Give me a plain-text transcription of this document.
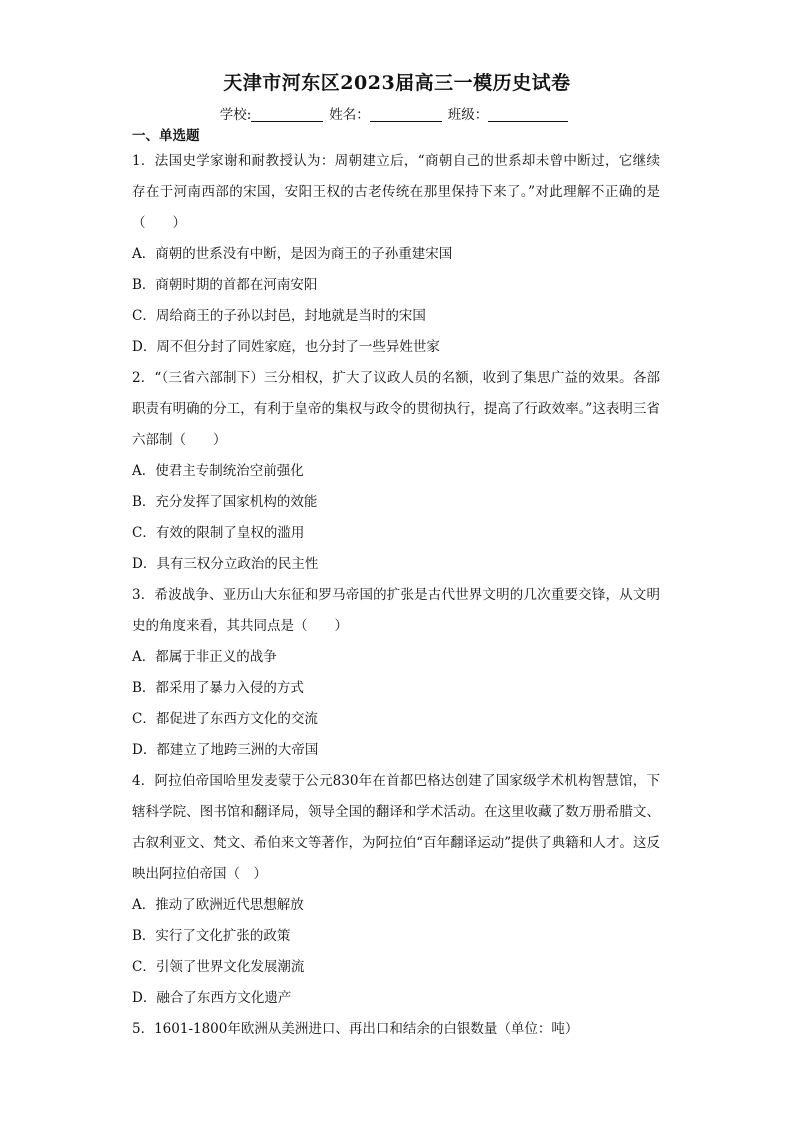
天津市河东区2023届高三一模历史试卷
学校:	姓名：	班级：
一、单选题
1．法国史学家谢和耐教授认为：周朝建立后，“商朝自己的世系却未曾中断过，它继续存在于河南西部的宋国，安阳王权的古老传统在那里保持下来了。”对此理解不正确的是（　　）
A．商朝的世系没有中断，是因为商王的子孙重建宋国
B．商朝时期的首都在河南安阳
C．周给商王的子孙以封邑，封地就是当时的宋国
D．周不但分封了同姓家庭，也分封了一些异姓世家
2．“（三省六部制下）三分相权，扩大了议政人员的名额，收到了集思广益的效果。各部职责有明确的分工，有利于皇帝的集权与政令的贯彻执行，提高了行政效率。”这表明三省六部制（　　）
A．使君主专制统治空前强化
B．充分发挥了国家机构的效能
C．有效的限制了皇权的滥用
D．具有三权分立政治的民主性
3．希波战争、亚历山大东征和罗马帝国的扩张是古代世界文明的几次重要交锋，从文明史的角度来看，其共同点是（　　）
A．都属于非正义的战争
B．都采用了暴力入侵的方式
C．都促进了东西方文化的交流
D．都建立了地跨三洲的大帝国
4．阿拉伯帝国哈里发麦蒙于公元830年在首都巴格达创建了国家级学术机构智慧馆，下辖科学院、图书馆和翻译局，领导全国的翻译和学术活动。在这里收藏了数万册希腊文、古叙利亚文、梵文、希伯来文等著作，为阿拉伯“百年翻译运动”提供了典籍和人才。这反映出阿拉伯帝国（　）
A．推动了欧洲近代思想解放
B．实行了文化扩张的政策
C．引领了世界文化发展潮流
D．融合了东西方文化遗产
5．1601-1800年欧洲从美洲进口、再出口和结余的白银数量（单位：吨）
